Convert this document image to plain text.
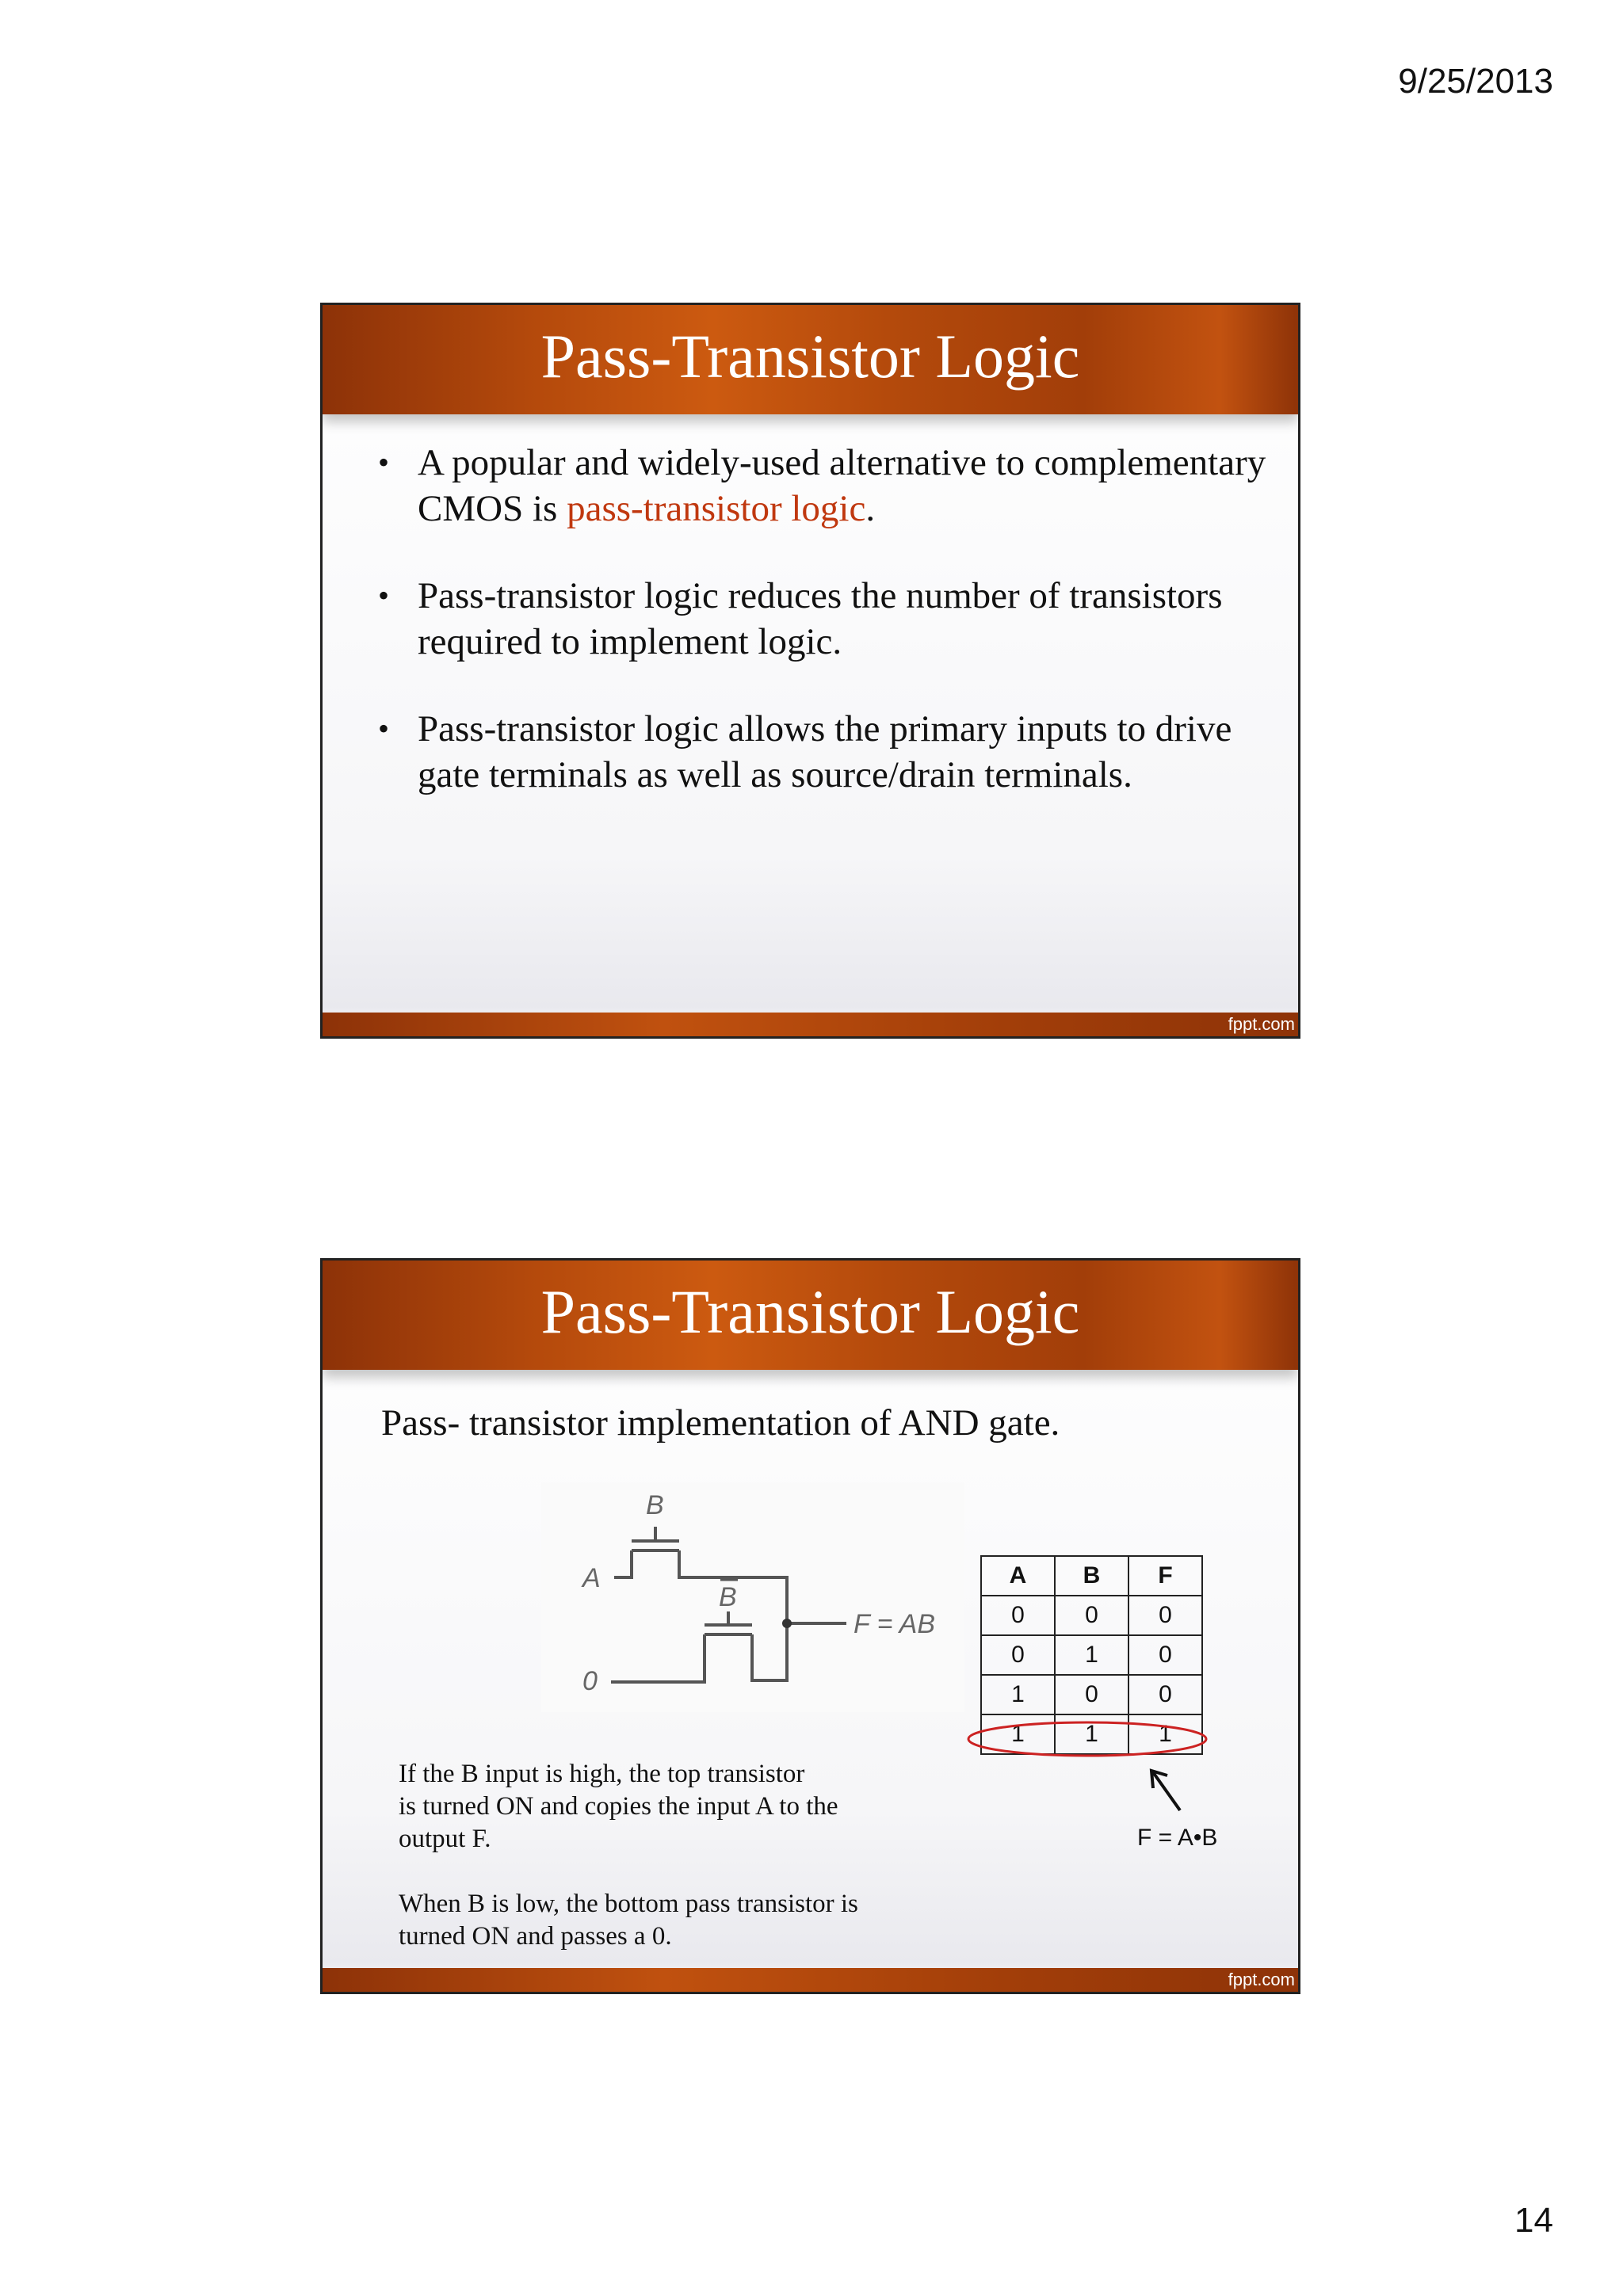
9/25/2013
Pass-Transistor Logic
• A popular and widely-used alternative to complementary CMOS is pass-transistor logic.
• Pass-transistor logic reduces the number of transistors required to implement logic.
• Pass-transistor logic allows the primary inputs to drive gate terminals as well as source/drain terminals.
fppt.com
Pass-Transistor Logic
Pass- transistor implementation of AND gate.
B
A
B
0
F = AB
A	B	F
0	0	0
0	1	0
1	0	0
1	1	1
F = A•B

If the B input is high, the top transistor
is turned ON and copies the input A to the
output F.

When B is low, the bottom pass transistor is
turned ON and passes a 0.

fppt.com
14
